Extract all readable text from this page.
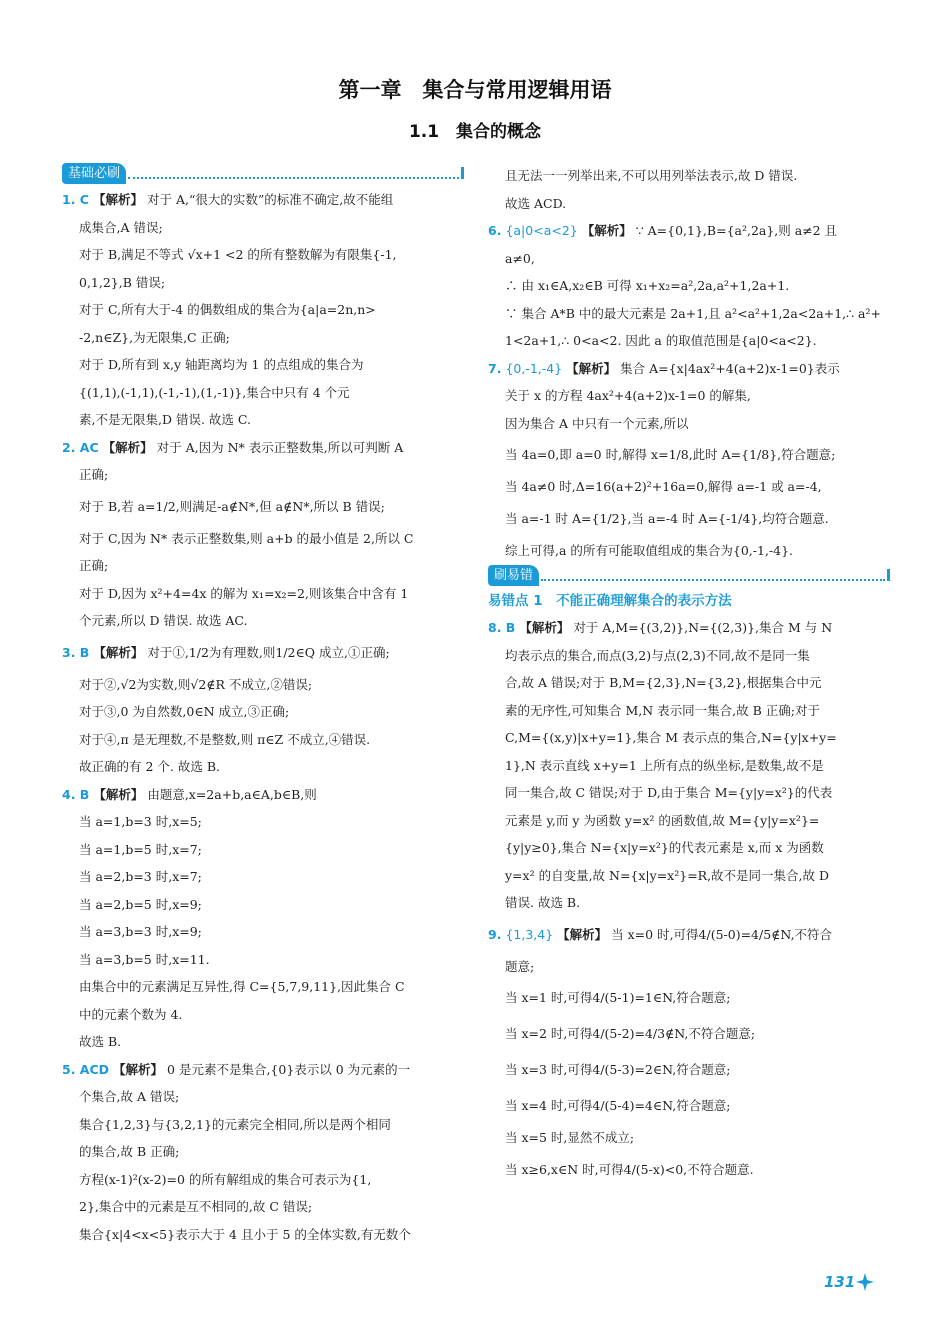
第一章　集合与常用逻辑用语
1.1　集合的概念
基础必刷
1. C 【解析】 对于 A,“很大的实数”的标准不确定,故不能组
成集合,A 错误;
对于 B,满足不等式 √x+1 <2 的所有整数解为有限集{-1,
0,1,2},B 错误;
对于 C,所有大于-4 的偶数组成的集合为{a|a=2n,n>
-2,n∈Z},为无限集,C 正确;
对于 D,所有到 x,y 轴距离均为 1 的点组成的集合为
{(1,1),(-1,1),(-1,-1),(1,-1)},集合中只有 4 个元
素,不是无限集,D 错误. 故选 C.
2. AC 【解析】 对于 A,因为 N* 表示正整数集,所以可判断 A
正确;
对于 B,若 a=1/2,则满足-a∉N*,但 a∉N*,所以 B 错误;
对于 C,因为 N* 表示正整数集,则 a+b 的最小值是 2,所以 C
正确;
对于 D,因为 x²+4=4x 的解为 x₁=x₂=2,则该集合中含有 1
个元素,所以 D 错误. 故选 AC.
3. B 【解析】 对于①,1/2为有理数,则1/2∈Q 成立,①正确;
对于②,√2为实数,则√2∉R 不成立,②错误;
对于③,0 为自然数,0∈N 成立,③正确;
对于④,π 是无理数,不是整数,则 π∈Z 不成立,④错误.
故正确的有 2 个. 故选 B.
4. B 【解析】 由题意,x=2a+b,a∈A,b∈B,则
当 a=1,b=3 时,x=5;
当 a=1,b=5 时,x=7;
当 a=2,b=3 时,x=7;
当 a=2,b=5 时,x=9;
当 a=3,b=3 时,x=9;
当 a=3,b=5 时,x=11.
由集合中的元素满足互异性,得 C={5,7,9,11},因此集合 C
中的元素个数为 4.
故选 B.
5. ACD 【解析】 0 是元素不是集合,{0}表示以 0 为元素的一
个集合,故 A 错误;
集合{1,2,3}与{3,2,1}的元素完全相同,所以是两个相同
的集合,故 B 正确;
方程(x-1)²(x-2)=0 的所有解组成的集合可表示为{1,
2},集合中的元素是互不相同的,故 C 错误;
集合{x|4<x<5}表示大于 4 且小于 5 的全体实数,有无数个
且无法一一列举出来,不可以用列举法表示,故 D 错误.
故选 ACD.
6. {a|0<a<2} 【解析】 ∵ A={0,1},B={a²,2a},则 a≠2 且
a≠0,
∴ 由 x₁∈A,x₂∈B 可得 x₁+x₂=a²,2a,a²+1,2a+1.
∵ 集合 A*B 中的最大元素是 2a+1,且 a²<a²+1,2a<2a+1,∴ a²+
1<2a+1,∴ 0<a<2. 因此 a 的取值范围是{a|0<a<2}.
7. {0,-1,-4} 【解析】 集合 A={x|4ax²+4(a+2)x-1=0}表示
关于 x 的方程 4ax²+4(a+2)x-1=0 的解集,
因为集合 A 中只有一个元素,所以
当 4a=0,即 a=0 时,解得 x=1/8,此时 A={1/8},符合题意;
当 4a≠0 时,Δ=16(a+2)²+16a=0,解得 a=-1 或 a=-4,
当 a=-1 时 A={1/2},当 a=-4 时 A={-1/4},均符合题意.
综上可得,a 的所有可能取值组成的集合为{0,-1,-4}.
刷易错
易错点 1　不能正确理解集合的表示方法
8. B 【解析】 对于 A,M={(3,2)},N={(2,3)},集合 M 与 N
均表示点的集合,而点(3,2)与点(2,3)不同,故不是同一集
合,故 A 错误;对于 B,M={2,3},N={3,2},根据集合中元
素的无序性,可知集合 M,N 表示同一集合,故 B 正确;对于
C,M={(x,y)|x+y=1},集合 M 表示点的集合,N={y|x+y=
1},N 表示直线 x+y=1 上所有点的纵坐标,是数集,故不是
同一集合,故 C 错误;对于 D,由于集合 M={y|y=x²}的代表
元素是 y,而 y 为函数 y=x² 的函数值,故 M={y|y=x²}=
{y|y≥0},集合 N={x|y=x²}的代表元素是 x,而 x 为函数
y=x² 的自变量,故 N={x|y=x²}=R,故不是同一集合,故 D
错误. 故选 B.
9. {1,3,4} 【解析】 当 x=0 时,可得4/(5-0)=4/5∉N,不符合
题意;
当 x=1 时,可得4/(5-1)=1∈N,符合题意;
当 x=2 时,可得4/(5-2)=4/3∉N,不符合题意;
当 x=3 时,可得4/(5-3)=2∈N,符合题意;
当 x=4 时,可得4/(5-4)=4∈N,符合题意;
当 x=5 时,显然不成立;
当 x≥6,x∈N 时,可得4/(5-x)<0,不符合题意.
131
